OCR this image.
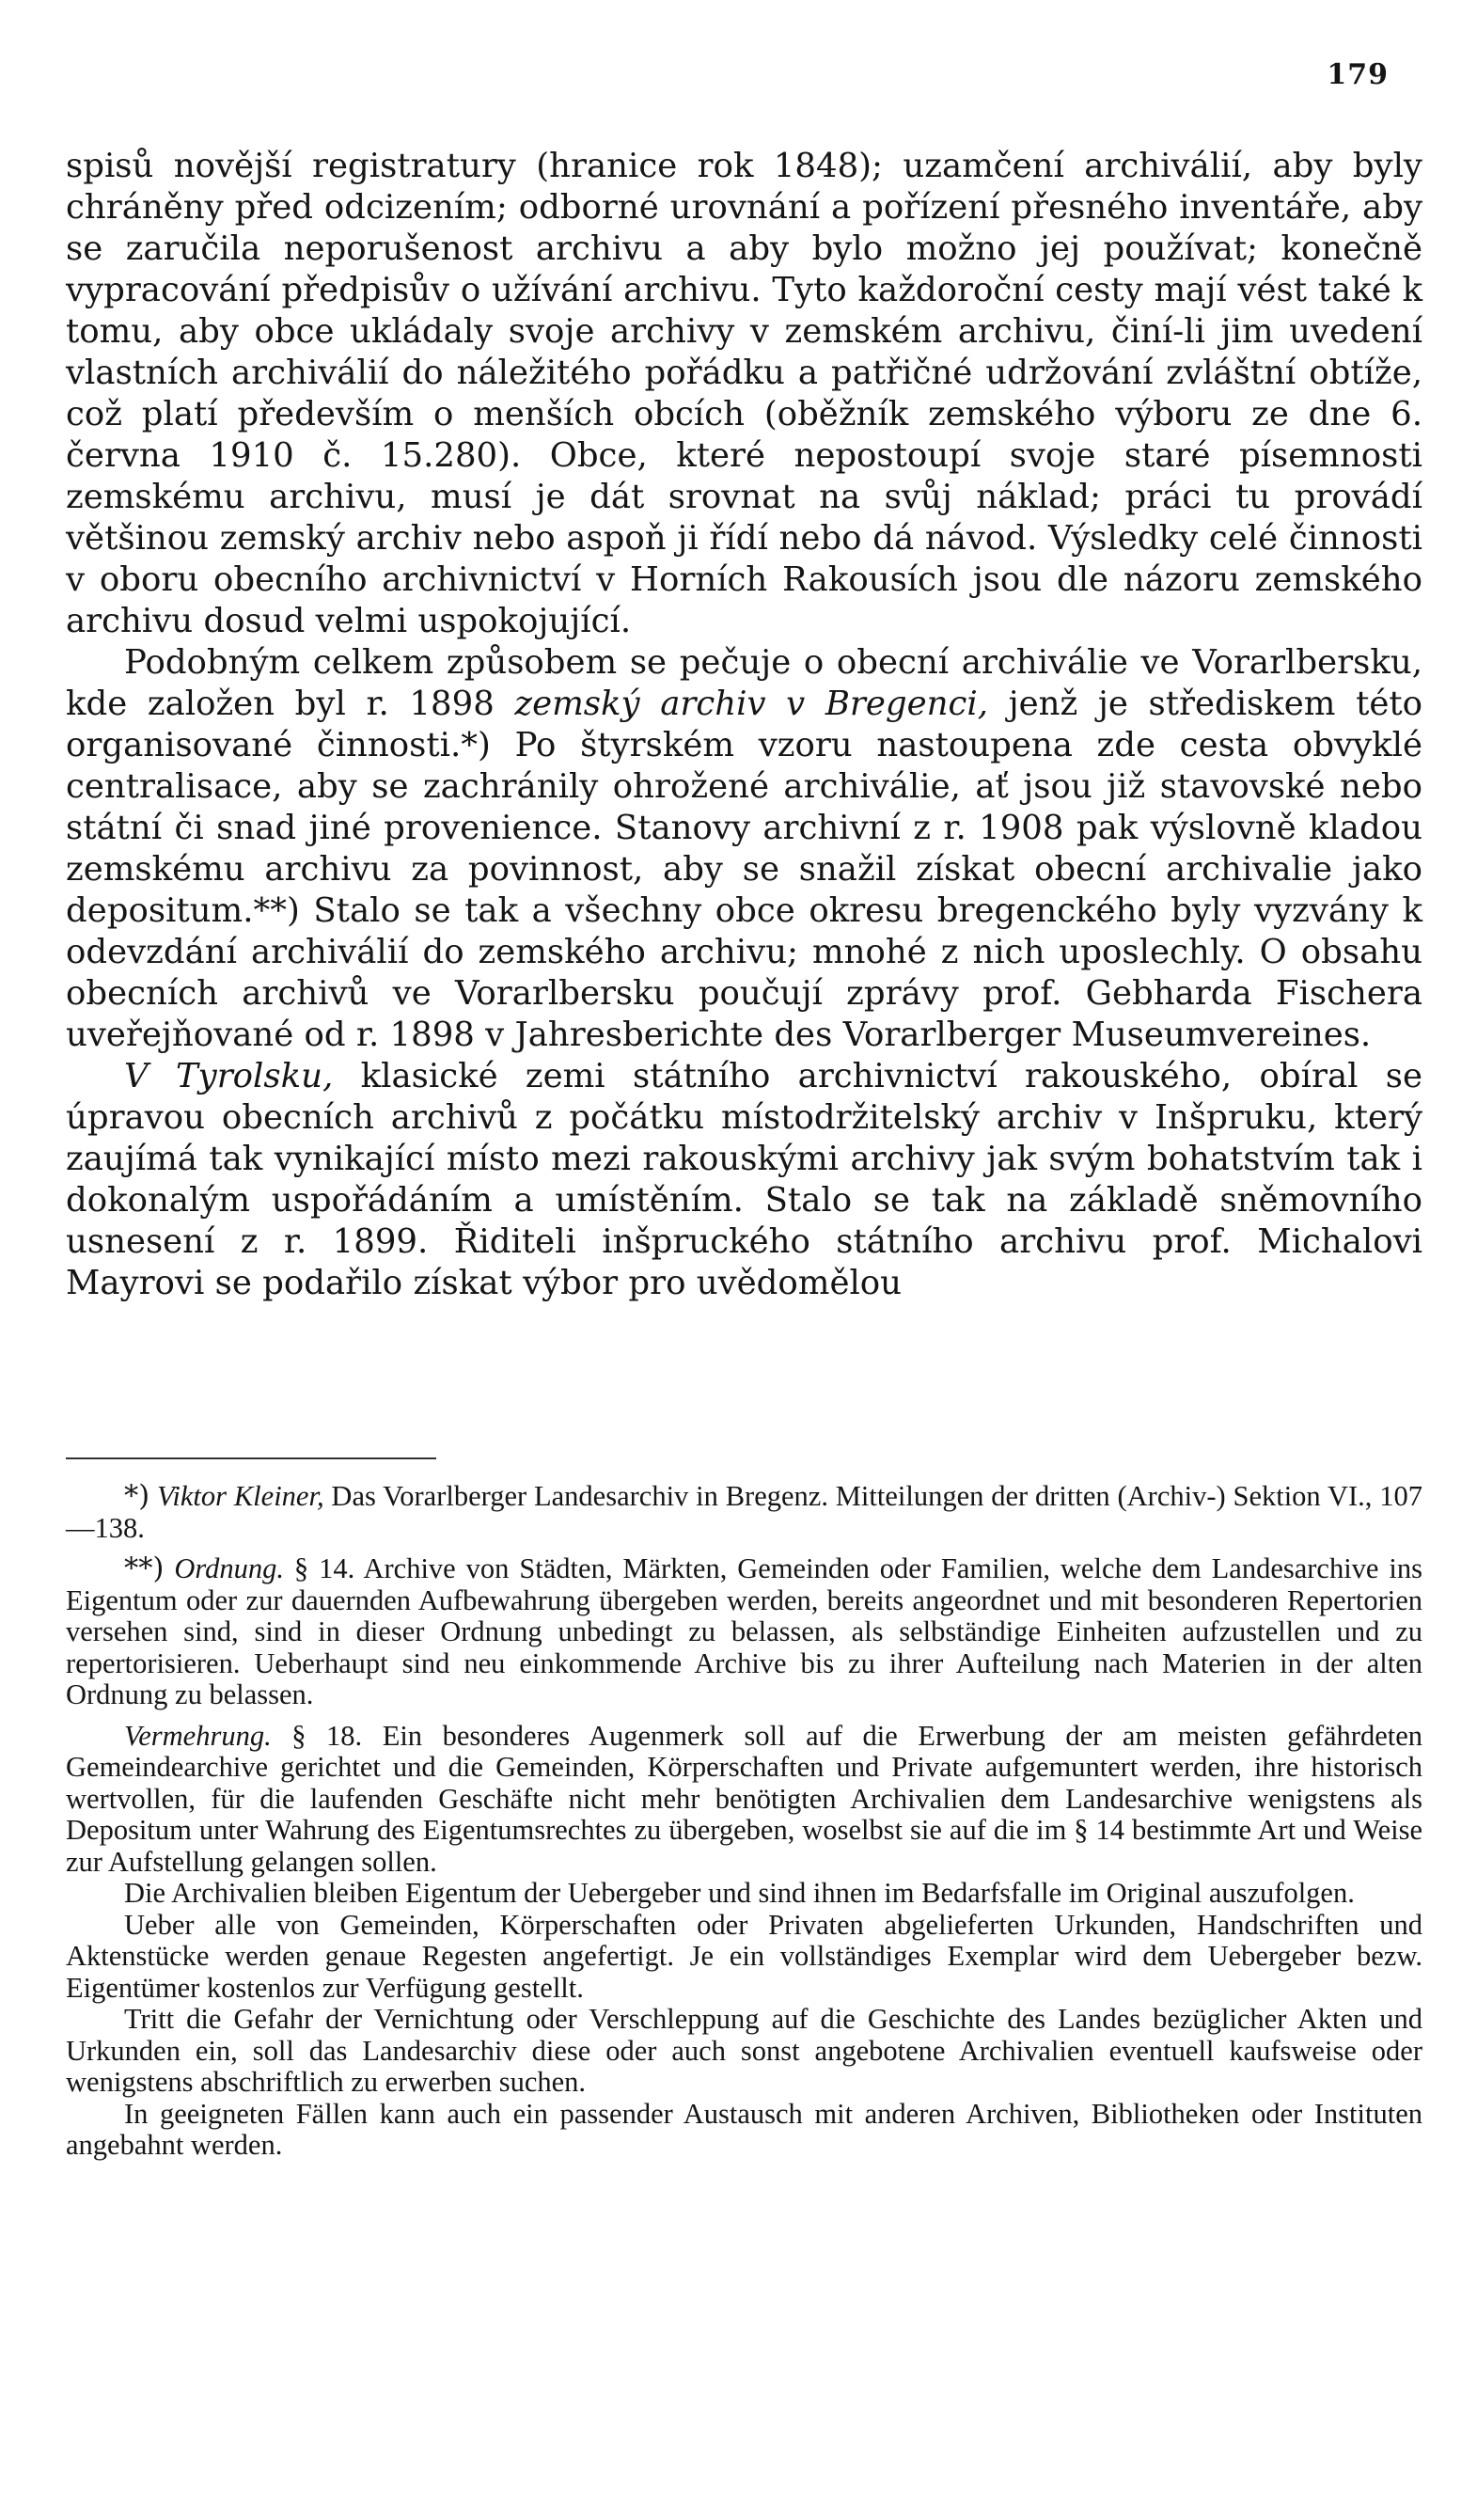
179

spisů novější registratury (hranice rok 1848); uzamčení archiválií, aby byly chráněny před odcizením; odborné urovnání a pořízení přesného inventáře, aby se zaručila neporušenost archivu a aby bylo možno jej používat; konečně vypracování předpisův o užívání archivu. Tyto každoroční cesty mají vést také k tomu, aby obce ukládaly svoje archivy v zemském archivu, činí-li jim uvedení vlastních archiválií do náležitého pořádku a patřičné udržování zvláštní obtíže, což platí především o menších obcích (oběžník zemského výboru ze dne 6. června 1910 č. 15.280). Obce, které nepostoupí svoje staré písemnosti zemskému archivu, musí je dát srovnat na svůj náklad; práci tu provádí většinou zemský archiv nebo aspoň ji řídí nebo dá návod. Výsledky celé činnosti v oboru obecního archivnictví v Horních Rakousích jsou dle názoru zemského archivu dosud velmi uspokojující.

Podobným celkem způsobem se pečuje o obecní archiválie ve Vorarlbersku, kde založen byl r. 1898 zemský archiv v Bregenci, jenž je střediskem této organisované činnosti.*) Po štyrském vzoru nastoupena zde cesta obvyklé centralisace, aby se zachránily ohrožené archiválie, ať jsou již stavovské nebo státní či snad jiné provenience. Stanovy archivní z r. 1908 pak výslovně kladou zemskému archivu za povinnost, aby se snažil získat obecní archivalie jako depositum.**) Stalo se tak a všechny obce okresu bregenckého byly vyzvány k odevzdání archiválií do zemského archivu; mnohé z nich uposlechly. O obsahu obecních archivů ve Vorarlbersku poučují zprávy prof. Gebharda Fischera uveřejňované od r. 1898 v Jahresberichte des Vorarlberger Museumvereines.

V Tyrolsku, klasické zemi státního archivnictví rakouského, obíral se úpravou obecních archivů z počátku místodržitelský archiv v Inšpruku, který zaujímá tak vynikající místo mezi rakouskými archivy jak svým bohatstvím tak i dokonalým uspořádáním a umístěním. Stalo se tak na základě sněmovního usnesení z r. 1899. Řiditeli inšpruckého státního archivu prof. Michalovi Mayrovi se podařilo získat výbor pro uvědomělou

*) Viktor Kleiner, Das Vorarlberger Landesarchiv in Bregenz. Mitteilungen der dritten (Archiv-) Sektion VI., 107—138.

**) Ordnung. § 14. Archive von Städten, Märkten, Gemeinden oder Familien, welche dem Landesarchive ins Eigentum oder zur dauernden Aufbewahrung übergeben werden, bereits angeordnet und mit besonderen Repertorien versehen sind, sind in dieser Ordnung unbedingt zu belassen, als selbständige Einheiten aufzustellen und zu repertorisieren. Ueberhaupt sind neu einkommende Archive bis zu ihrer Aufteilung nach Materien in der alten Ordnung zu belassen.

Vermehrung. § 18. Ein besonderes Augenmerk soll auf die Erwerbung der am meisten gefährdeten Gemeindearchive gerichtet und die Gemeinden, Körperschaften und Private aufgemuntert werden, ihre historisch wertvollen, für die laufenden Geschäfte nicht mehr benötigten Archivalien dem Landesarchive wenigstens als Depositum unter Wahrung des Eigentumsrechtes zu übergeben, woselbst sie auf die im § 14 bestimmte Art und Weise zur Aufstellung gelangen sollen.

Die Archivalien bleiben Eigentum der Uebergeber und sind ihnen im Bedarfsfalle im Original auszufolgen.

Ueber alle von Gemeinden, Körperschaften oder Privaten abgelieferten Urkunden, Handschriften und Aktenstücke werden genaue Regesten angefertigt. Je ein vollständiges Exemplar wird dem Uebergeber bezw. Eigentümer kostenlos zur Verfügung gestellt.

Tritt die Gefahr der Vernichtung oder Verschleppung auf die Geschichte des Landes bezüglicher Akten und Urkunden ein, soll das Landesarchiv diese oder auch sonst angebotene Archivalien eventuell kaufsweise oder wenigstens abschriftlich zu erwerben suchen.

In geeigneten Fällen kann auch ein passender Austausch mit anderen Archiven, Bibliotheken oder Instituten angebahnt werden.
